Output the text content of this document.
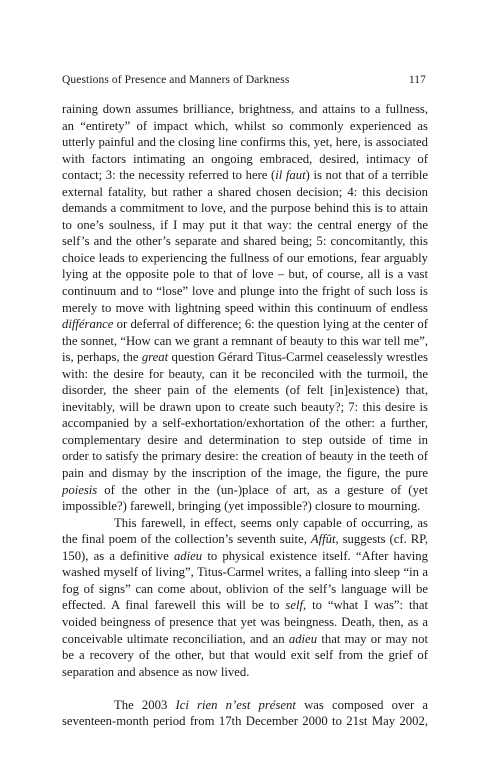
Questions of Presence and Manners of Darkness	117

raining down assumes brilliance, brightness, and attains to a fullness, an “entirety” of impact which, whilst so commonly experienced as utterly painful and the closing line confirms this, yet, here, is associated with factors intimating an ongoing embraced, desired, intimacy of contact; 3: the necessity referred to here (il faut) is not that of a terrible external fatality, but rather a shared chosen decision; 4: this decision demands a commitment to love, and the purpose behind this is to attain to one’s soulness, if I may put it that way: the central energy of the self’s and the other’s separate and shared being; 5: concomitantly, this choice leads to experiencing the fullness of our emotions, fear arguably lying at the opposite pole to that of love – but, of course, all is a vast continuum and to “lose” love and plunge into the fright of such loss is merely to move with lightning speed within this continuum of endless différance or deferral of difference; 6: the question lying at the center of the sonnet, “How can we grant a remnant of beauty to this war tell me”, is, perhaps, the great question Gérard Titus-Carmel ceaselessly wrestles with: the desire for beauty, can it be reconciled with the turmoil, the disorder, the sheer pain of the elements (of felt [in]existence) that, inevitably, will be drawn upon to create such beauty?; 7: this desire is accompanied by a self-exhortation/exhortation of the other: a further, complementary desire and determination to step outside of time in order to satisfy the primary desire: the creation of beauty in the teeth of pain and dismay by the inscription of the image, the figure, the pure poiesis of the other in the (un-)place of art, as a gesture of (yet impossible?) farewell, bringing (yet impossible?) closure to mourning.

This farewell, in effect, seems only capable of occurring, as the final poem of the collection’s seventh suite, Affût, suggests (cf. RP, 150), as a definitive adieu to physical existence itself. “After having washed myself of living”, Titus-Carmel writes, a falling into sleep “in a fog of signs” can come about, oblivion of the self’s language will be effected. A final farewell this will be to self, to “what I was”: that voided beingness of presence that yet was beingness. Death, then, as a conceivable ultimate reconciliation, and an adieu that may or may not be a recovery of the other, but that would exit self from the grief of separation and absence as now lived.

The 2003 Ici rien n’est présent was composed over a seventeen-month period from 17th December 2000 to 21st May 2002,
